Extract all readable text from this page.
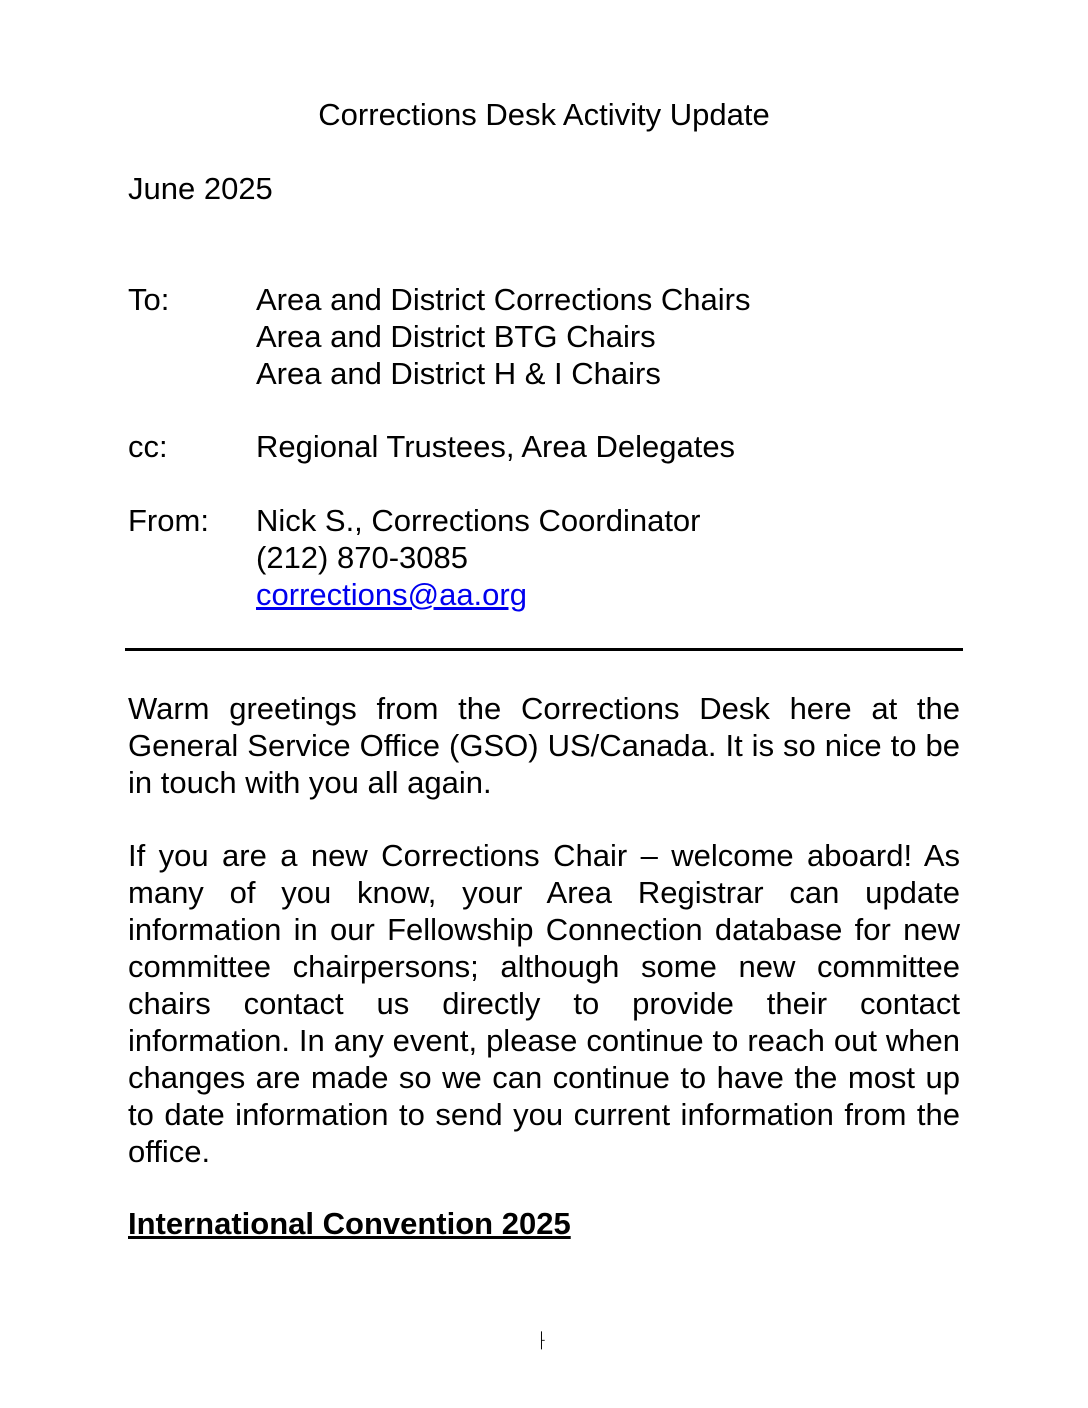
Corrections Desk Activity Update
June 2025
To:	Area and District Corrections Chairs
Area and District BTG Chairs
Area and District H & I Chairs
cc:	Regional Trustees, Area Delegates
From:	Nick S., Corrections Coordinator
(212) 870-3085
corrections@aa.org
Warm greetings from the Corrections Desk here at the General Service Office (GSO) US/Canada. It is so nice to be in touch with you all again.
If you are a new Corrections Chair – welcome aboard! As many of you know, your Area Registrar can update information in our Fellowship Connection database for new committee chairpersons; although some new committee chairs contact us directly to provide their contact information. In any event, please continue to reach out when changes are made so we can continue to have the most up to date information to send you current information from the office.
International Convention 2025
⸠
